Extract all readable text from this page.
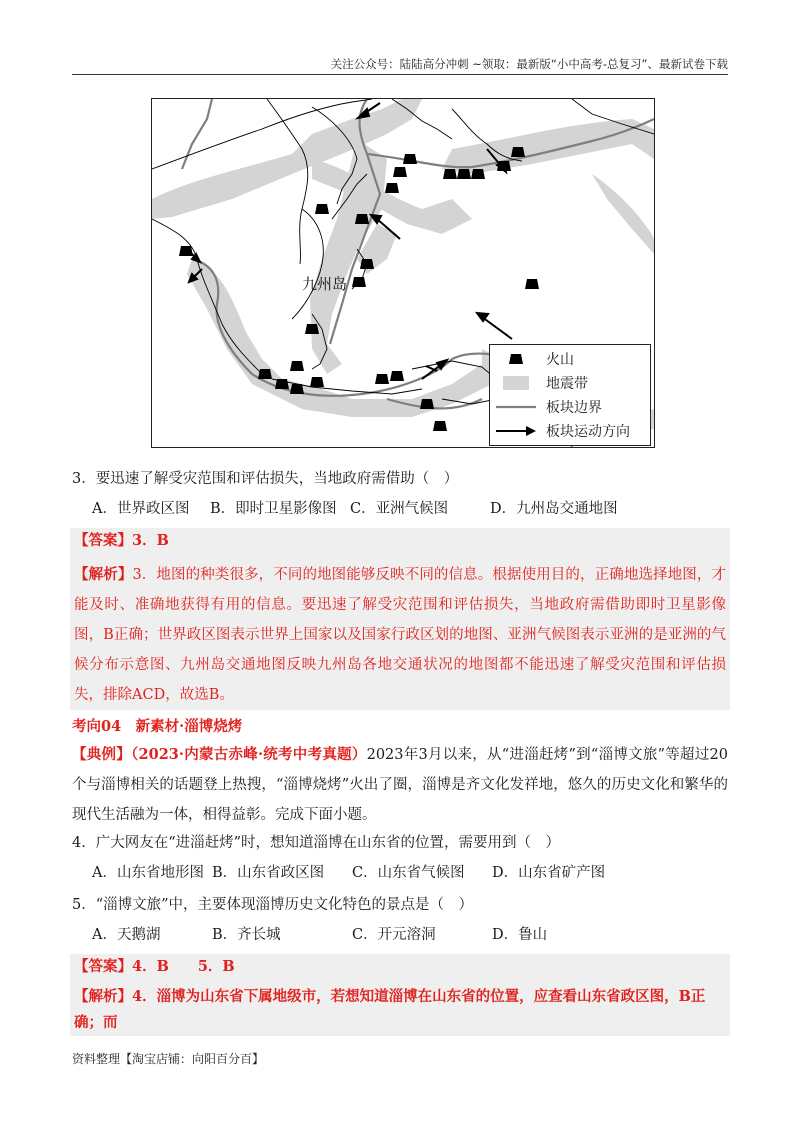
关注公众号：陆陆高分冲刺 ~领取：最新版“小中高考-总复习”、最新试卷下载
九州岛
火山
地震带
板块边界
板块运动方向

3．要迅速了解受灾范围和评估损失，当地政府需借助（　）

A．世界政区图	B．即时卫星影像图 C．亚洲气候图	D．九州岛交通地图
【答案】3．B
【解析】3．地图的种类很多，不同的地图能够反映不同的信息。根据使用目的，正确地选择地图，才能及时、准确地获得有用的信息。要迅速了解受灾范围和评估损失，当地政府需借助即时卫星影像图，B正确；世界政区图表示世界上国家以及国家行政区划的地图、亚洲气候图表示亚洲的是亚洲的气候分布示意图、九州岛交通地图反映九州岛各地交通状况的地图都不能迅速了解受灾范围和评估损失，排除ACD，故选B。
考向04　新素材·淄博烧烤
【典例】（2023·内蒙古赤峰·统考中考真题）2023年3月以来，从“进淄赶烤”到“淄博文旅”等超过20个与淄博相关的话题登上热搜，“淄博烧烤”火出了圈，淄博是齐文化发祥地，悠久的历史文化和繁华的现代生活融为一体，相得益彰。完成下面小题。

4．广大网友在“进淄赶烤”时，想知道淄博在山东省的位置，需要用到（　）

A．山东省地形图 B．山东省政区图	C．山东省气候图	D．山东省矿产图

5．“淄博文旅”中，主要体现淄博历史文化特色的景点是（　）

A．天鹅湖	B．齐长城	C．开元溶洞	D．鲁山
【答案】4．B　　5．B
【解析】4．淄博为山东省下属地级市，若想知道淄博在山东省的位置，应查看山东省政区图，B正确；而
资料整理【淘宝店铺：向阳百分百】
